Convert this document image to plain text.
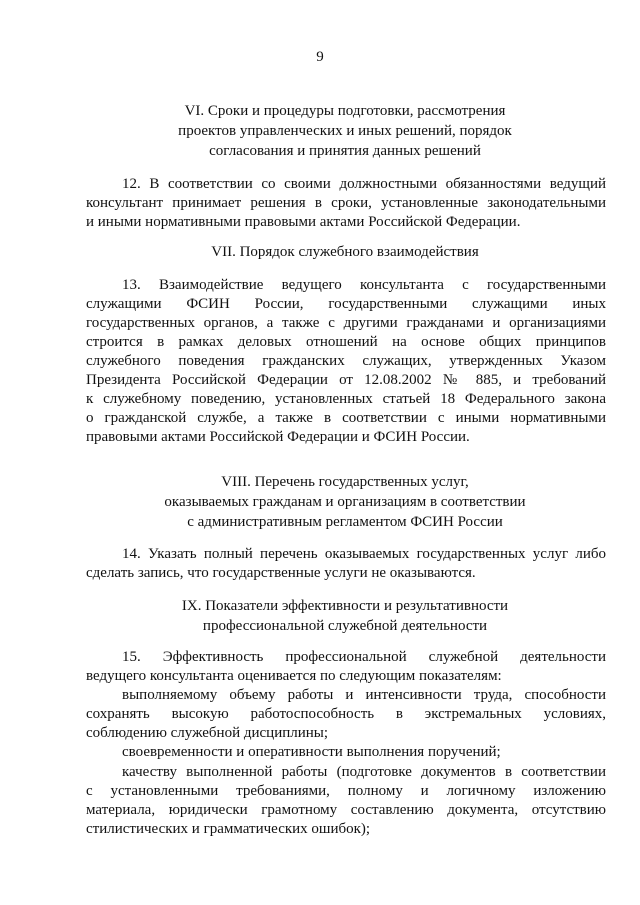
9
VI. Сроки и процедуры подготовки, рассмотрения
проектов управленческих и иных решений, порядок
согласования и принятия данных решений
12. В соответствии со своими должностными обязанностями ведущий
консультант принимает решения в сроки, установленные законодательными
и иными нормативными правовыми актами Российской Федерации.
VII. Порядок служебного взаимодействия
13. Взаимодействие ведущего консультанта с государственными
служащими ФСИН России, государственными служащими иных
государственных органов, а также с другими гражданами и организациями
строится в рамках деловых отношений на основе общих принципов
служебного поведения гражданских служащих, утвержденных Указом
Президента Российской Федерации от 12.08.2002 № 885, и требований
к служебному поведению, установленных статьей 18 Федерального закона
о гражданской службе, а также в соответствии с иными нормативными
правовыми актами Российской Федерации и ФСИН России.
VIII. Перечень государственных услуг,
оказываемых гражданам и организациям в соответствии
с административным регламентом ФСИН России
14. Указать полный перечень оказываемых государственных услуг либо
сделать запись, что государственные услуги не оказываются.
IX. Показатели эффективности и результативности
профессиональной служебной деятельности
15. Эффективность профессиональной служебной деятельности
ведущего консультанта оценивается по следующим показателям:
выполняемому объему работы и интенсивности труда, способности
сохранять высокую работоспособность в экстремальных условиях,
соблюдению служебной дисциплины;
своевременности и оперативности выполнения поручений;
качеству выполненной работы (подготовке документов в соответствии
с установленными требованиями, полному и логичному изложению
материала, юридически грамотному составлению документа, отсутствию
стилистических и грамматических ошибок);
